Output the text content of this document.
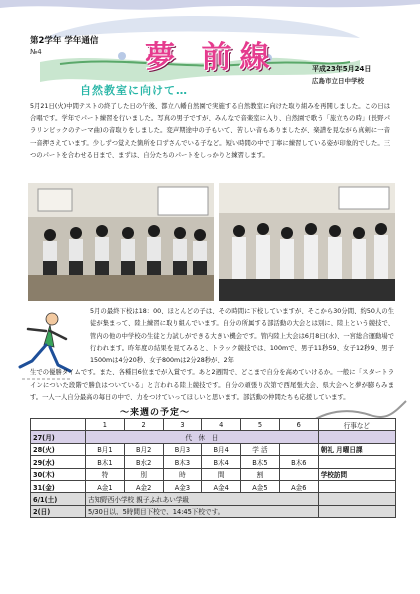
第2学年 学年通信
№4	夢 前線
自然教室に向けて…
平成23年5月24日
広島市立日中学校
5月21日(火)中間テストの終了した日の午後、都立八幡自然園で実施する自然教室に向けた取り組みを再開しました。この日は合唱です。学年でパート練習を行いました。写真の男子ですが、みんなで音楽室に入り、自然園で歌う「旅立ちの時」(長野パラリンピックのテーマ曲)の音取りをしました。変声期途中の子もいて、苦しい音もありましたが、楽譜を見ながら真剣に一音一音押さえています。少しずつ覚えた箇所を口ずさんでいる子など。短い時間の中で丁寧に練習している姿が印象的でした。三つのパートを合わせる日まで、まずは、自分たちのパートをしっかりと練習します。
5月の最終下校は18：00、ほとんどの子は、その時間に下校していますが、そこから30分間、約50人の生徒が集まって、陸上練習に取り組んでいます。自分の所属する部活動の大会とは別に、陸上という競技で、管内の他の中学校の生徒と力試しができる大きい機会です。管内陸上大会は6月8日(水)、一宮総合運動場で行われます。昨年度の結果を見てみると、トラック競技では、100mで、男子11秒59、女子12秒9、男子1500mは4分20秒、女子800mは2分28秒が、2年
生での優勝タイムです。また、各種目6位までが入賞です。あと2週間で、どこまで自分を高めていけるか。一般に「スタートラインについた段階で勝負はついている」と言われる陸上競技です。自分の頑張り次第で西尾張大会、県大会へと夢が膨らみます。一人一人自分最高の毎日の中で、力をつけていってほしいと思います。部活動の仲間たちも応援しています。
〜来週の予定〜
	1	2	3	4	5	6	行事など
27(月)	代　休　日						
28(火)	B月1	B月2	B月3	B月4	学 活		朝礼 月曜日課
29(水)	B木1	B水2	B木3	B木4	B木5	B木6	
30(木)	特	別	時	間	割		学校訪問
31(金)	A金1	A金2	A金3	A金4	A金5	A金6	
6/1(土)	古知野西小学校 親子ふれあい学級						
2(日)	5/30日以、5時間目下校で、14:45下校です。						
